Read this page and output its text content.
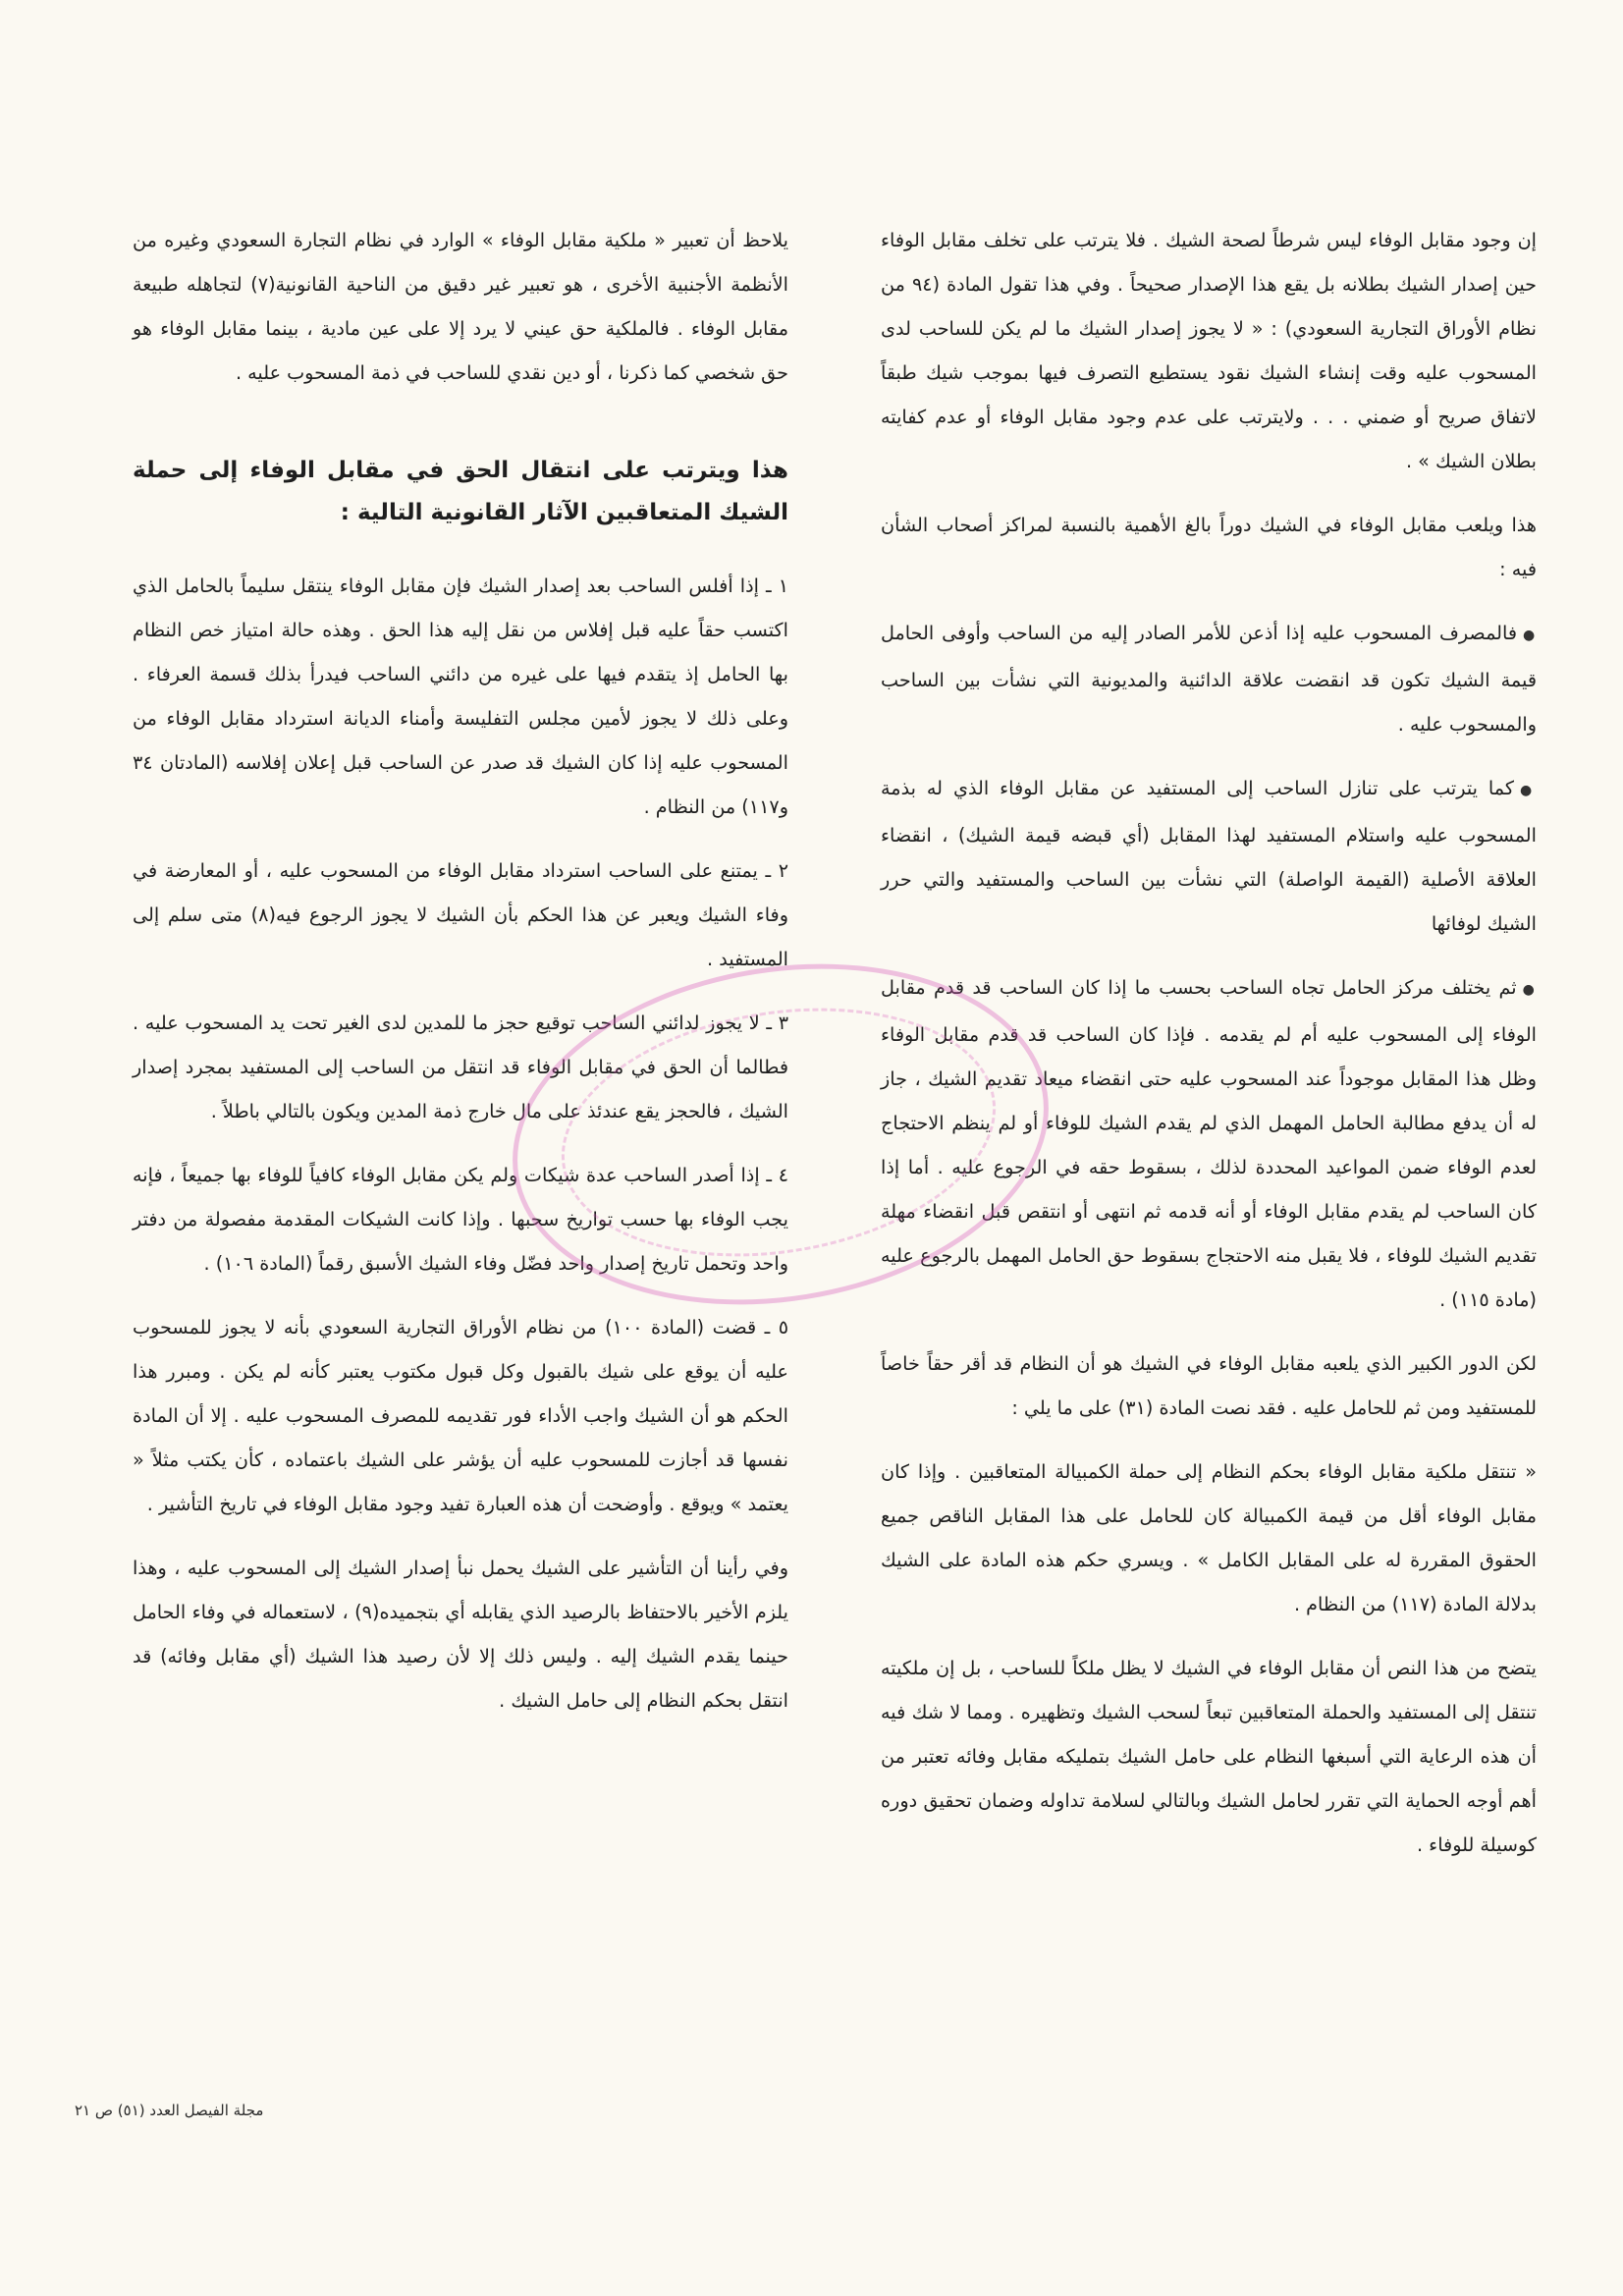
إن وجود مقابل الوفاء ليس شرطاً لصحة الشيك . فلا يترتب على تخلف مقابل الوفاء حين إصدار الشيك بطلانه بل يقع هذا الإصدار صحيحاً . وفي هذا تقول المادة (٩٤ من نظام الأوراق التجارية السعودي) : « لا يجوز إصدار الشيك ما لم يكن للساحب لدى المسحوب عليه وقت إنشاء الشيك نقود يستطيع التصرف فيها بموجب شيك طبقاً لاتفاق صريح أو ضمني . . . ولايترتب على عدم وجود مقابل الوفاء أو عدم كفايته بطلان الشيك » .

هذا ويلعب مقابل الوفاء في الشيك دوراً بالغ الأهمية بالنسبة لمراكز أصحاب الشأن فيه :

● فالمصرف المسحوب عليه إذا أذعن للأمر الصادر إليه من الساحب وأوفى الحامل قيمة الشيك تكون قد انقضت علاقة الدائنية والمديونية التي نشأت بين الساحب والمسحوب عليه .

● كما يترتب على تنازل الساحب إلى المستفيد عن مقابل الوفاء الذي له بذمة المسحوب عليه واستلام المستفيد لهذا المقابل (أي قبضه قيمة الشيك) ، انقضاء العلاقة الأصلية (القيمة الواصلة) التي نشأت بين الساحب والمستفيد والتي حرر الشيك لوفائها

● ثم يختلف مركز الحامل تجاه الساحب بحسب ما إذا كان الساحب قد قدم مقابل الوفاء إلى المسحوب عليه أم لم يقدمه . فإذا كان الساحب قد قدم مقابل الوفاء وظل هذا المقابل موجوداً عند المسحوب عليه حتى انقضاء ميعاد تقديم الشيك ، جاز له أن يدفع مطالبة الحامل المهمل الذي لم يقدم الشيك للوفاء أو لم ينظم الاحتجاج لعدم الوفاء ضمن المواعيد المحددة لذلك ، بسقوط حقه في الرجوع عليه . أما إذا كان الساحب لم يقدم مقابل الوفاء أو أنه قدمه ثم انتهى أو انتقص قبل انقضاء مهلة تقديم الشيك للوفاء ، فلا يقبل منه الاحتجاج بسقوط حق الحامل المهمل بالرجوع عليه (مادة ١١٥) .

لكن الدور الكبير الذي يلعبه مقابل الوفاء في الشيك هو أن النظام قد أقر حقاً خاصاً للمستفيد ومن ثم للحامل عليه . فقد نصت المادة (٣١) على ما يلي :

« تنتقل ملكية مقابل الوفاء بحكم النظام إلى حملة الكمبيالة المتعاقبين . وإذا كان مقابل الوفاء أقل من قيمة الكمبيالة كان للحامل على هذا المقابل الناقص جميع الحقوق المقررة له على المقابل الكامل » . ويسري حكم هذه المادة على الشيك بدلالة المادة (١١٧) من النظام .

يتضح من هذا النص أن مقابل الوفاء في الشيك لا يظل ملكاً للساحب ، بل إن ملكيته تنتقل إلى المستفيد والحملة المتعاقبين تبعاً لسحب الشيك وتظهيره . ومما لا شك فيه أن هذه الرعاية التي أسبغها النظام على حامل الشيك بتمليكه مقابل وفائه تعتبر من أهم أوجه الحماية التي تقرر لحامل الشيك وبالتالي لسلامة تداوله وضمان تحقيق دوره كوسيلة للوفاء .

يلاحظ أن تعبير « ملكية مقابل الوفاء » الوارد في نظام التجارة السعودي وغيره من الأنظمة الأجنبية الأخرى ، هو تعبير غير دقيق من الناحية القانونية(٧) لتجاهله طبيعة مقابل الوفاء . فالملكية حق عيني لا يرد إلا على عين مادية ، بينما مقابل الوفاء هو حق شخصي كما ذكرنا ، أو دين نقدي للساحب في ذمة المسحوب عليه .

هذا ويترتب على انتقال الحق في مقابل الوفاء إلى حملة الشيك المتعاقبين الآثار القانونية التالية :

١ ـ إذا أفلس الساحب بعد إصدار الشيك فإن مقابل الوفاء ينتقل سليماً بالحامل الذي اكتسب حقاً عليه قبل إفلاس من نقل إليه هذا الحق . وهذه حالة امتياز خص النظام بها الحامل إذ يتقدم فيها على غيره من دائني الساحب فيدرأ بذلك قسمة العرفاء . وعلى ذلك لا يجوز لأمين مجلس التفليسة وأمناء الديانة استرداد مقابل الوفاء من المسحوب عليه إذا كان الشيك قد صدر عن الساحب قبل إعلان إفلاسه (المادتان ٣٤ و١١٧) من النظام .

٢ ـ يمتنع على الساحب استرداد مقابل الوفاء من المسحوب عليه ، أو المعارضة في وفاء الشيك ويعبر عن هذا الحكم بأن الشيك لا يجوز الرجوع فيه(٨) متى سلم إلى المستفيد .

٣ ـ لا يجوز لدائني الساحب توقيع حجز ما للمدين لدى الغير تحت يد المسحوب عليه . فطالما أن الحق في مقابل الوفاء قد انتقل من الساحب إلى المستفيد بمجرد إصدار الشيك ، فالحجز يقع عندئذ على مال خارج ذمة المدين ويكون بالتالي باطلاً .

٤ ـ إذا أصدر الساحب عدة شيكات ولم يكن مقابل الوفاء كافياً للوفاء بها جميعاً ، فإنه يجب الوفاء بها حسب تواريخ سحبها . وإذا كانت الشيكات المقدمة مفصولة من دفتر واحد وتحمل تاريخ إصدار واحد فضّل وفاء الشيك الأسبق رقماً (المادة ١٠٦) .

٥ ـ قضت (المادة ١٠٠) من نظام الأوراق التجارية السعودي بأنه لا يجوز للمسحوب عليه أن يوقع على شيك بالقبول وكل قبول مكتوب يعتبر كأنه لم يكن . ومبرر هذا الحكم هو أن الشيك واجب الأداء فور تقديمه للمصرف المسحوب عليه . إلا أن المادة نفسها قد أجازت للمسحوب عليه أن يؤشر على الشيك باعتماده ، كأن يكتب مثلاً « يعتمد » ويوقع . وأوضحت أن هذه العبارة تفيد وجود مقابل الوفاء في تاريخ التأشير .

وفي رأينا أن التأشير على الشيك يحمل نبأ إصدار الشيك إلى المسحوب عليه ، وهذا يلزم الأخير بالاحتفاظ بالرصيد الذي يقابله أي بتجميده(٩) ، لاستعماله في وفاء الحامل حينما يقدم الشيك إليه . وليس ذلك إلا لأن رصيد هذا الشيك (أي مقابل وفائه) قد انتقل بحكم النظام إلى حامل الشيك .

مجلة الفيصل العدد (٥١) ص ٢١
